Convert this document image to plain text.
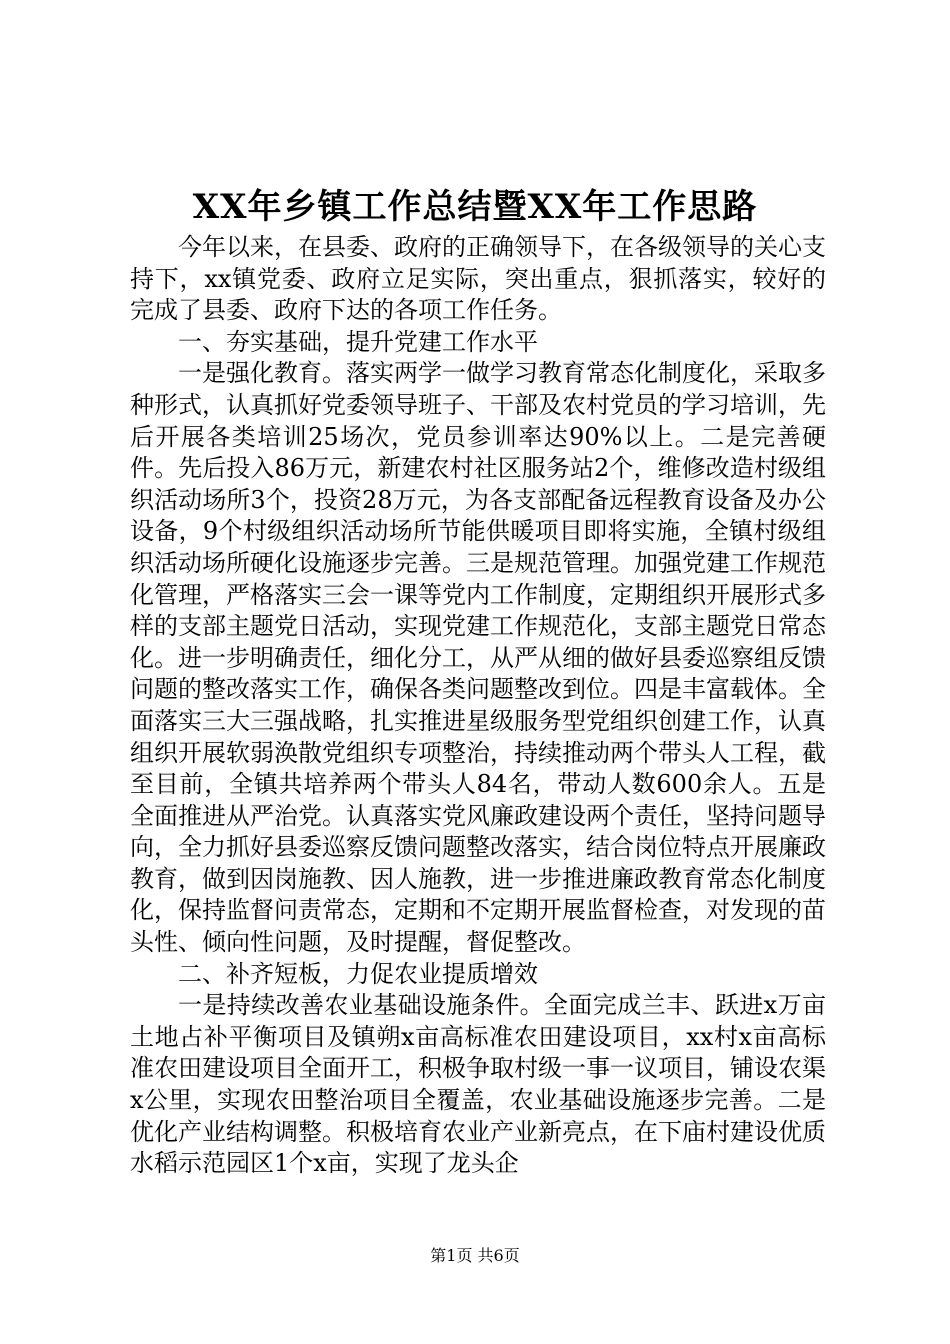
XX年乡镇工作总结暨XX年工作思路

今年以来，在县委、政府的正确领导下，在各级领导的关心支持下，xx镇党委、政府立足实际，突出重点，狠抓落实，较好的完成了县委、政府下达的各项工作任务。

一、夯实基础，提升党建工作水平

一是强化教育。落实两学一做学习教育常态化制度化，采取多种形式，认真抓好党委领导班子、干部及农村党员的学习培训，先后开展各类培训25场次，党员参训率达90%以上。二是完善硬件。先后投入86万元，新建农村社区服务站2个，维修改造村级组织活动场所3个，投资28万元，为各支部配备远程教育设备及办公设备，9个村级组织活动场所节能供暖项目即将实施，全镇村级组织活动场所硬化设施逐步完善。三是规范管理。加强党建工作规范化管理，严格落实三会一课等党内工作制度，定期组织开展形式多样的支部主题党日活动，实现党建工作规范化，支部主题党日常态化。进一步明确责任，细化分工，从严从细的做好县委巡察组反馈问题的整改落实工作，确保各类问题整改到位。四是丰富载体。全面落实三大三强战略，扎实推进星级服务型党组织创建工作，认真组织开展软弱涣散党组织专项整治，持续推动两个带头人工程，截至目前，全镇共培养两个带头人84名，带动人数600余人。五是全面推进从严治党。认真落实党风廉政建设两个责任，坚持问题导向，全力抓好县委巡察反馈问题整改落实，结合岗位特点开展廉政教育，做到因岗施教、因人施教，进一步推进廉政教育常态化制度化，保持监督问责常态，定期和不定期开展监督检查，对发现的苗头性、倾向性问题，及时提醒，督促整改。

二、补齐短板，力促农业提质增效

一是持续改善农业基础设施条件。全面完成兰丰、跃进x万亩土地占补平衡项目及镇朔x亩高标准农田建设项目，xx村x亩高标准农田建设项目全面开工，积极争取村级一事一议项目，铺设农渠x公里，实现农田整治项目全覆盖，农业基础设施逐步完善。二是优化产业结构调整。积极培育农业产业新亮点，在下庙村建设优质水稻示范园区1个x亩，实现了龙头企

第1页 共6页
